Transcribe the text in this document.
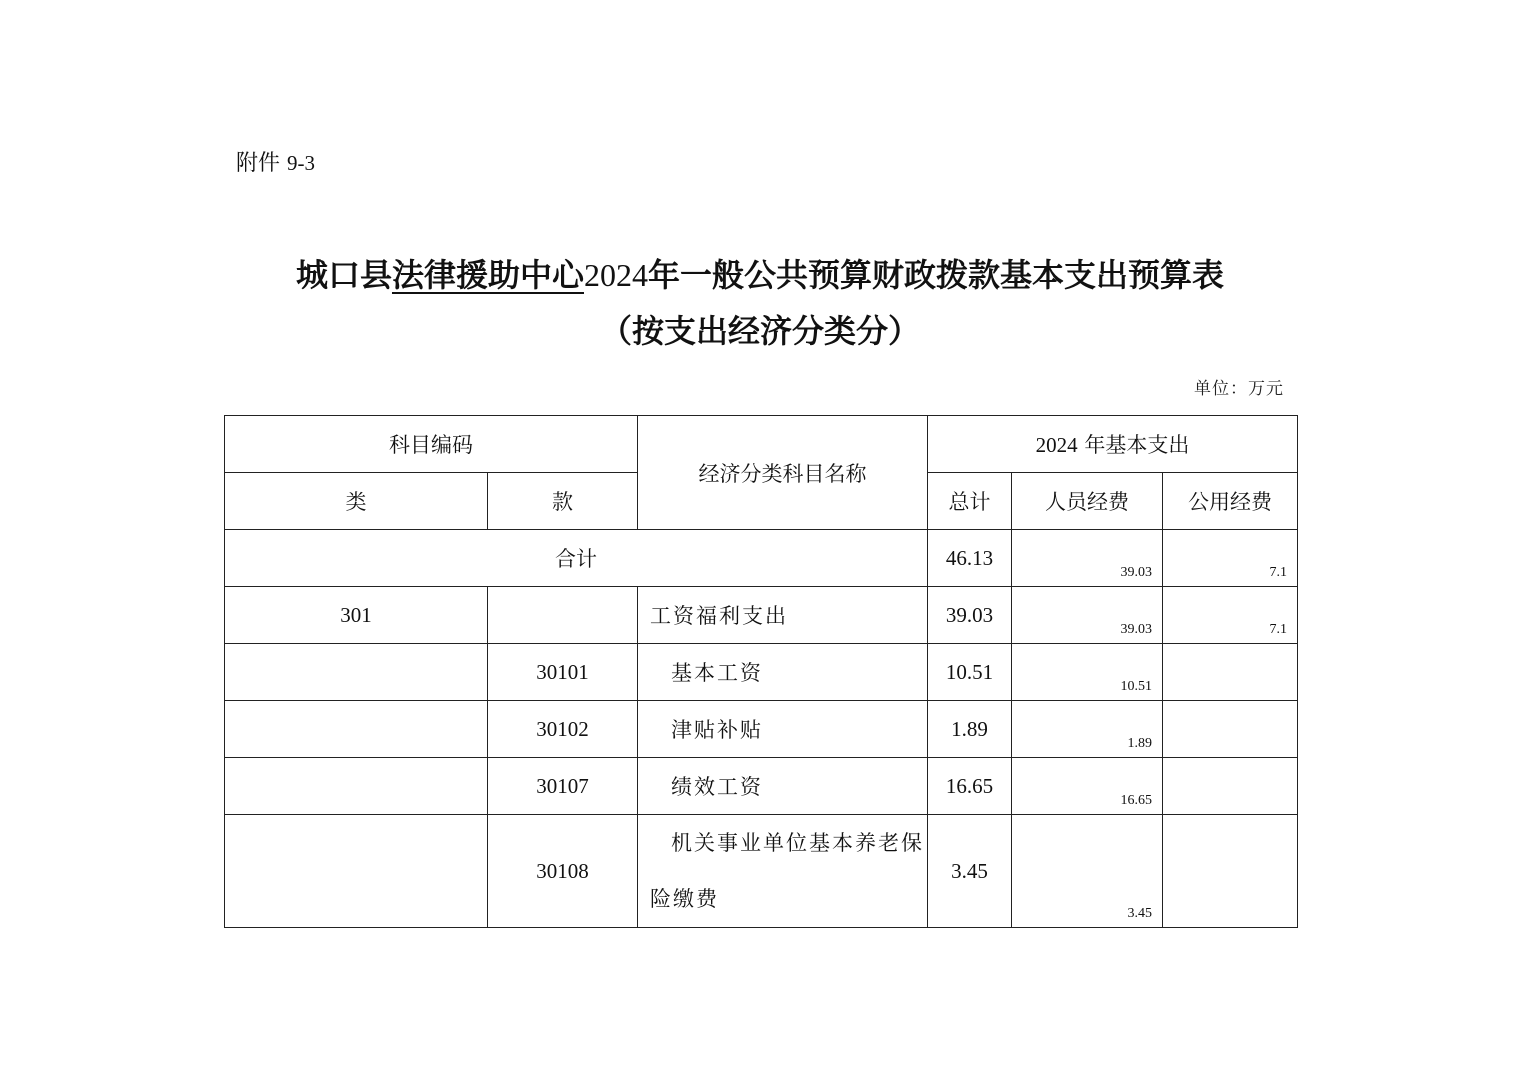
附件 9-3
城口县法律援助中心2024年一般公共预算财政拨款基本支出预算表
（按支出经济分类分）
单位：万元
科目编码		经济分类科目名称	2024 年基本支出		
类	款		总计	人员经费	公用经费
合计			46.13	39.03	7.1

301		工资福利支出	39.03	39.03	7.1

	30101	基本工资	10.51	10.51	

	30102	津贴补贴	1.89	1.89	

	30107	绩效工资	16.65	16.65	

	30108	机关事业单位基本养老保
险缴费	3.45	3.45	
